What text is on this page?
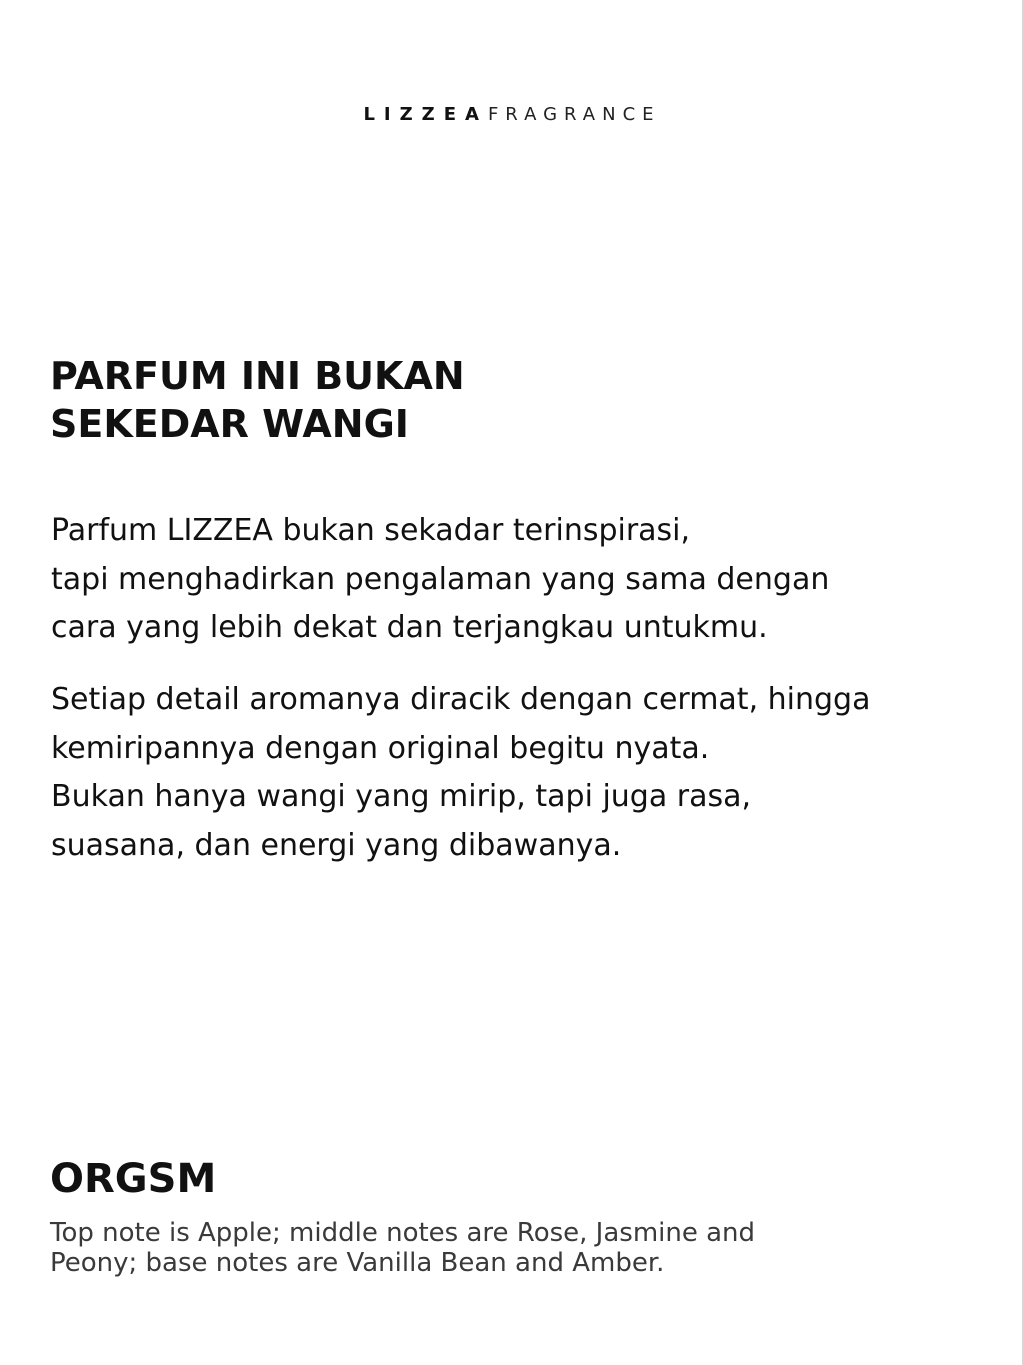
LIZZEAFRAGRANCE
PARFUM INI BUKAN
SEKEDAR WANGI
Parfum LIZZEA bukan sekadar terinspirasi,
tapi menghadirkan pengalaman yang sama dengan
cara yang lebih dekat dan terjangkau untukmu.
Setiap detail aromanya diracik dengan cermat, hingga
kemiripannya dengan original begitu nyata.
Bukan hanya wangi yang mirip, tapi juga rasa,
suasana, dan energi yang dibawanya.
ORGSM
Top note is Apple; middle notes are Rose, Jasmine and
Peony; base notes are Vanilla Bean and Amber.
